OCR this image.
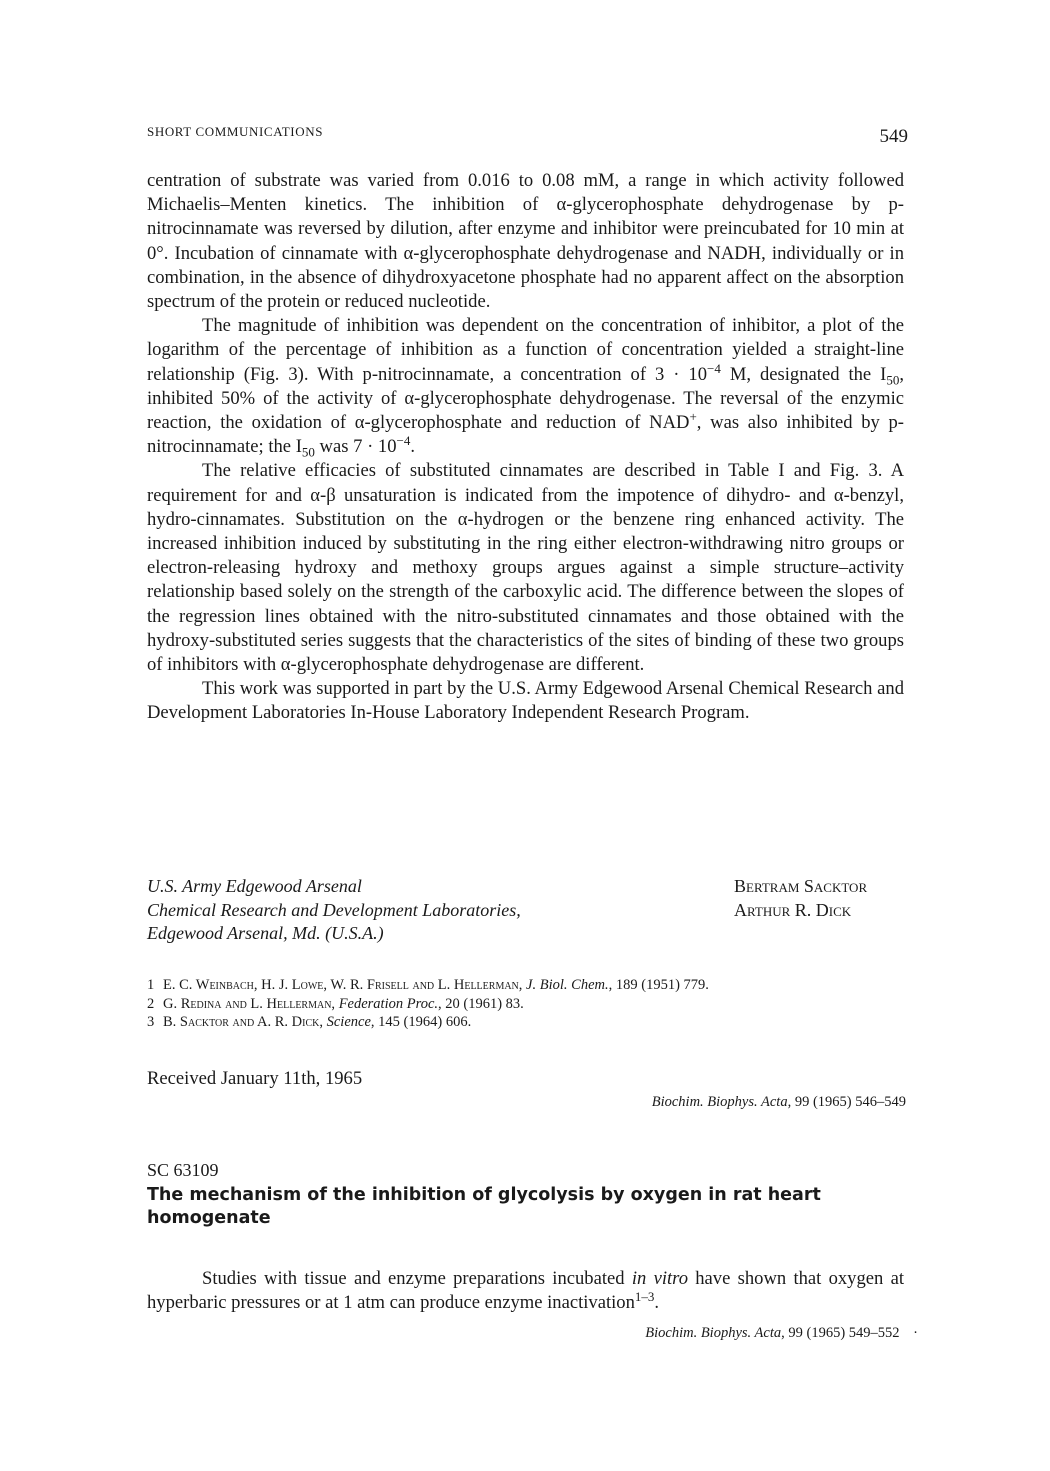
SHORT COMMUNICATIONS	549

centration of substrate was varied from 0.016 to 0.08 mM, a range in which activity followed Michaelis–Menten kinetics. The inhibition of α-glycerophosphate dehydrogenase by p-nitrocinnamate was reversed by dilution, after enzyme and inhibitor were preincubated for 10 min at 0°. Incubation of cinnamate with α-glycerophosphate dehydrogenase and NADH, individually or in combination, in the absence of dihydroxyacetone phosphate had no apparent affect on the absorption spectrum of the protein or reduced nucleotide.

The magnitude of inhibition was dependent on the concentration of inhibitor, a plot of the logarithm of the percentage of inhibition as a function of concentration yielded a straight-line relationship (Fig. 3). With p-nitrocinnamate, a concentration of $3 \cdot 10^{-4}$ M, designated the $I_{50}$, inhibited 50% of the activity of α-glycerophosphate dehydrogenase. The reversal of the enzymic reaction, the oxidation of α-glycerophosphate and reduction of NAD+, was also inhibited by p-nitrocinnamate; the $I_{50}$ was $7 \cdot 10^{-4}$.

The relative efficacies of substituted cinnamates are described in Table I and Fig. 3. A requirement for and α-β unsaturation is indicated from the impotence of dihydro- and α-benzyl, hydro-cinnamates. Substitution on the α-hydrogen or the benzene ring enhanced activity. The increased inhibition induced by substituting in the ring either electron-withdrawing nitro groups or electron-releasing hydroxy and methoxy groups argues against a simple structure–activity relationship based solely on the strength of the carboxylic acid. The difference between the slopes of the regression lines obtained with the nitro-substituted cinnamates and those obtained with the hydroxy-substituted series suggests that the characteristics of the sites of binding of these two groups of inhibitors with α-glycerophosphate dehydrogenase are different.

This work was supported in part by the U.S. Army Edgewood Arsenal Chemical Research and Development Laboratories In-House Laboratory Independent Research Program.

U.S. Army Edgewood Arsenal
Chemical Research and Development Laboratories,
Edgewood Arsenal, Md. (U.S.A.)
Bertram Sacktor
Arthur R. Dick
1 E. C. Weinbach, H. J. Lowe, W. R. Frisell and L. Hellerman, J. Biol. Chem., 189 (1951) 779.
2 G. Redina and L. Hellerman, Federation Proc., 20 (1961) 83.
3 B. Sacktor and A. R. Dick, Science, 145 (1964) 606.
Received January 11th, 1965
Biochim. Biophys. Acta, 99 (1965) 546–549
SC 63109
The mechanism of the inhibition of glycolysis by oxygen in rat heart homogenate

Studies with tissue and enzyme preparations incubated in vitro have shown that oxygen at hyperbaric pressures or at 1 atm can produce enzyme inactivation$^{1-3}$.

Biochim. Biophys. Acta, 99 (1965) 549–552 ·
